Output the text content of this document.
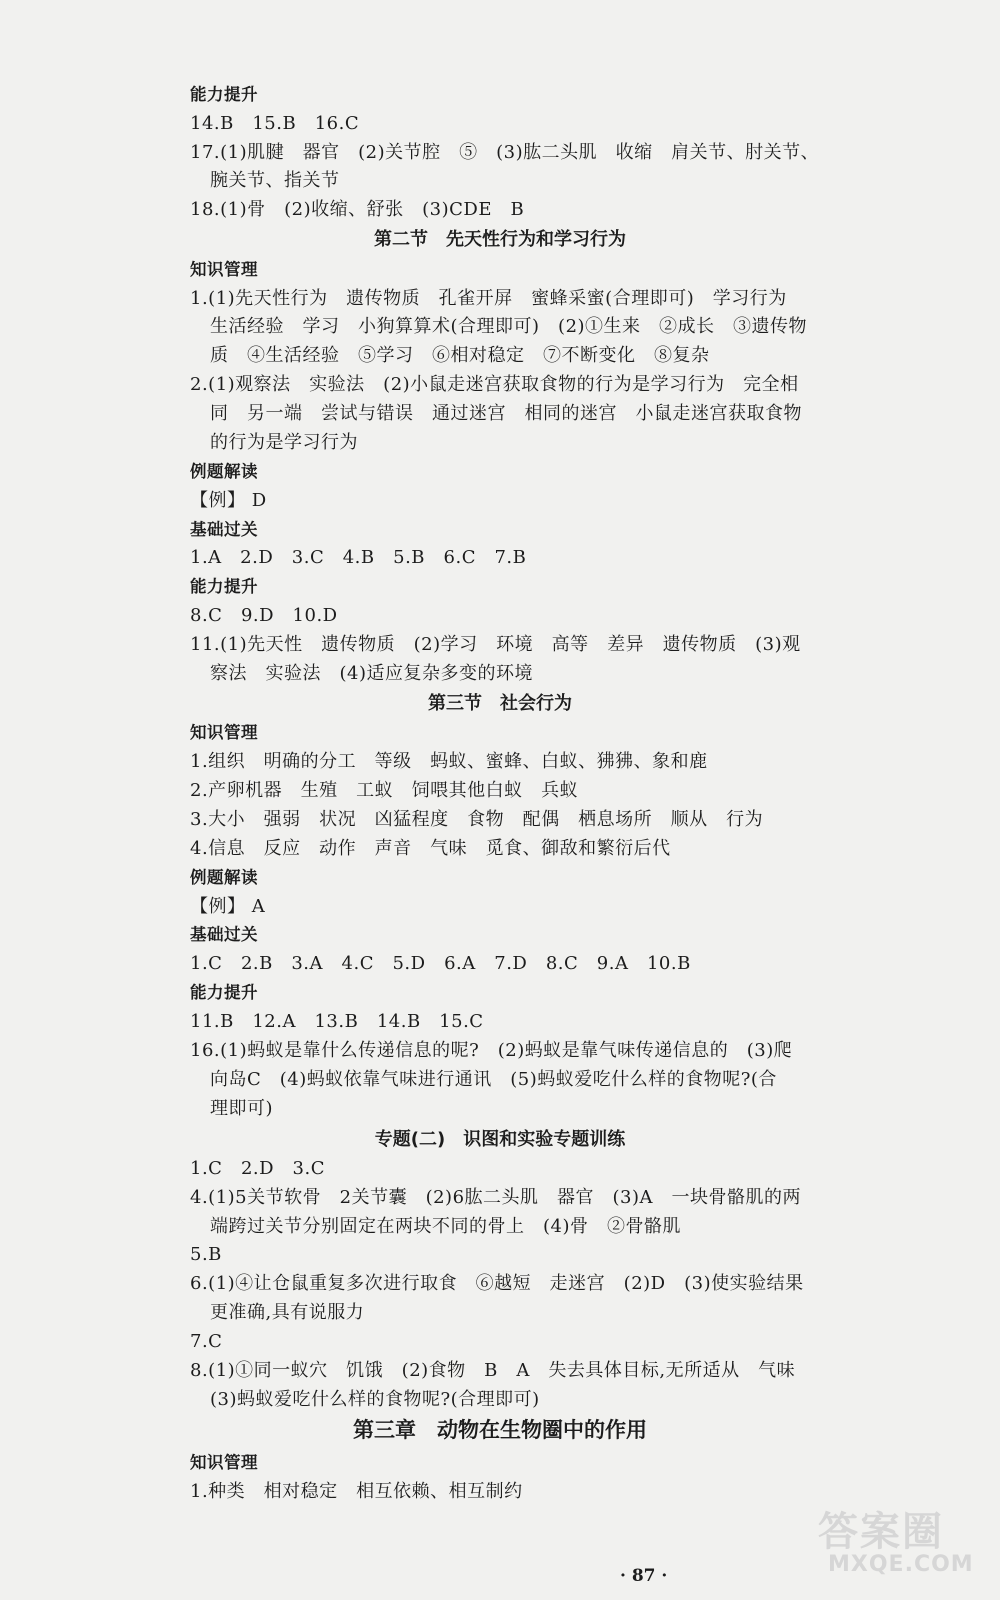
能力提升
14.B　15.B　16.C
17.(1)肌腱　器官　(2)关节腔　⑤　(3)肱二头肌　收缩　肩关节、肘关节、
腕关节、指关节
18.(1)骨　(2)收缩、舒张　(3)CDE　B
第二节　先天性行为和学习行为
知识管理
1.(1)先天性行为　遗传物质　孔雀开屏　蜜蜂采蜜(合理即可)　学习行为
生活经验　学习　小狗算算术(合理即可)　(2)①生来　②成长　③遗传物
质　④生活经验　⑤学习　⑥相对稳定　⑦不断变化　⑧复杂
2.(1)观察法　实验法　(2)小鼠走迷宫获取食物的行为是学习行为　完全相
同　另一端　尝试与错误　通过迷宫　相同的迷宫　小鼠走迷宫获取食物
的行为是学习行为
例题解读
【例】 D
基础过关
1.A　2.D　3.C　4.B　5.B　6.C　7.B
能力提升
8.C　9.D　10.D
11.(1)先天性　遗传物质　(2)学习　环境　高等　差异　遗传物质　(3)观
察法　实验法　(4)适应复杂多变的环境
第三节　社会行为
知识管理
1.组织　明确的分工　等级　蚂蚁、蜜蜂、白蚁、狒狒、象和鹿
2.产卵机器　生殖　工蚁　饲喂其他白蚁　兵蚁
3.大小　强弱　状况　凶猛程度　食物　配偶　栖息场所　顺从　行为
4.信息　反应　动作　声音　气味　觅食、御敌和繁衍后代
例题解读
【例】 A
基础过关
1.C　2.B　3.A　4.C　5.D　6.A　7.D　8.C　9.A　10.B
能力提升
11.B　12.A　13.B　14.B　15.C
16.(1)蚂蚁是靠什么传递信息的呢?　(2)蚂蚁是靠气味传递信息的　(3)爬
向岛C　(4)蚂蚁依靠气味进行通讯　(5)蚂蚁爱吃什么样的食物呢?(合
理即可)
专题(二)　识图和实验专题训练
1.C　2.D　3.C
4.(1)5关节软骨　2关节囊　(2)6肱二头肌　器官　(3)A　一块骨骼肌的两
端跨过关节分别固定在两块不同的骨上　(4)骨　②骨骼肌
5.B
6.(1)④让仓鼠重复多次进行取食　⑥越短　走迷宫　(2)D　(3)使实验结果
更准确,具有说服力
7.C
8.(1)①同一蚁穴　饥饿　(2)食物　B　A　失去具体目标,无所适从　气味
(3)蚂蚁爱吃什么样的食物呢?(合理即可)
第三章　动物在生物圈中的作用
知识管理
1.种类　相对稳定　相互依赖、相互制约
· 87 ·
答案圈
MXQE.COM
